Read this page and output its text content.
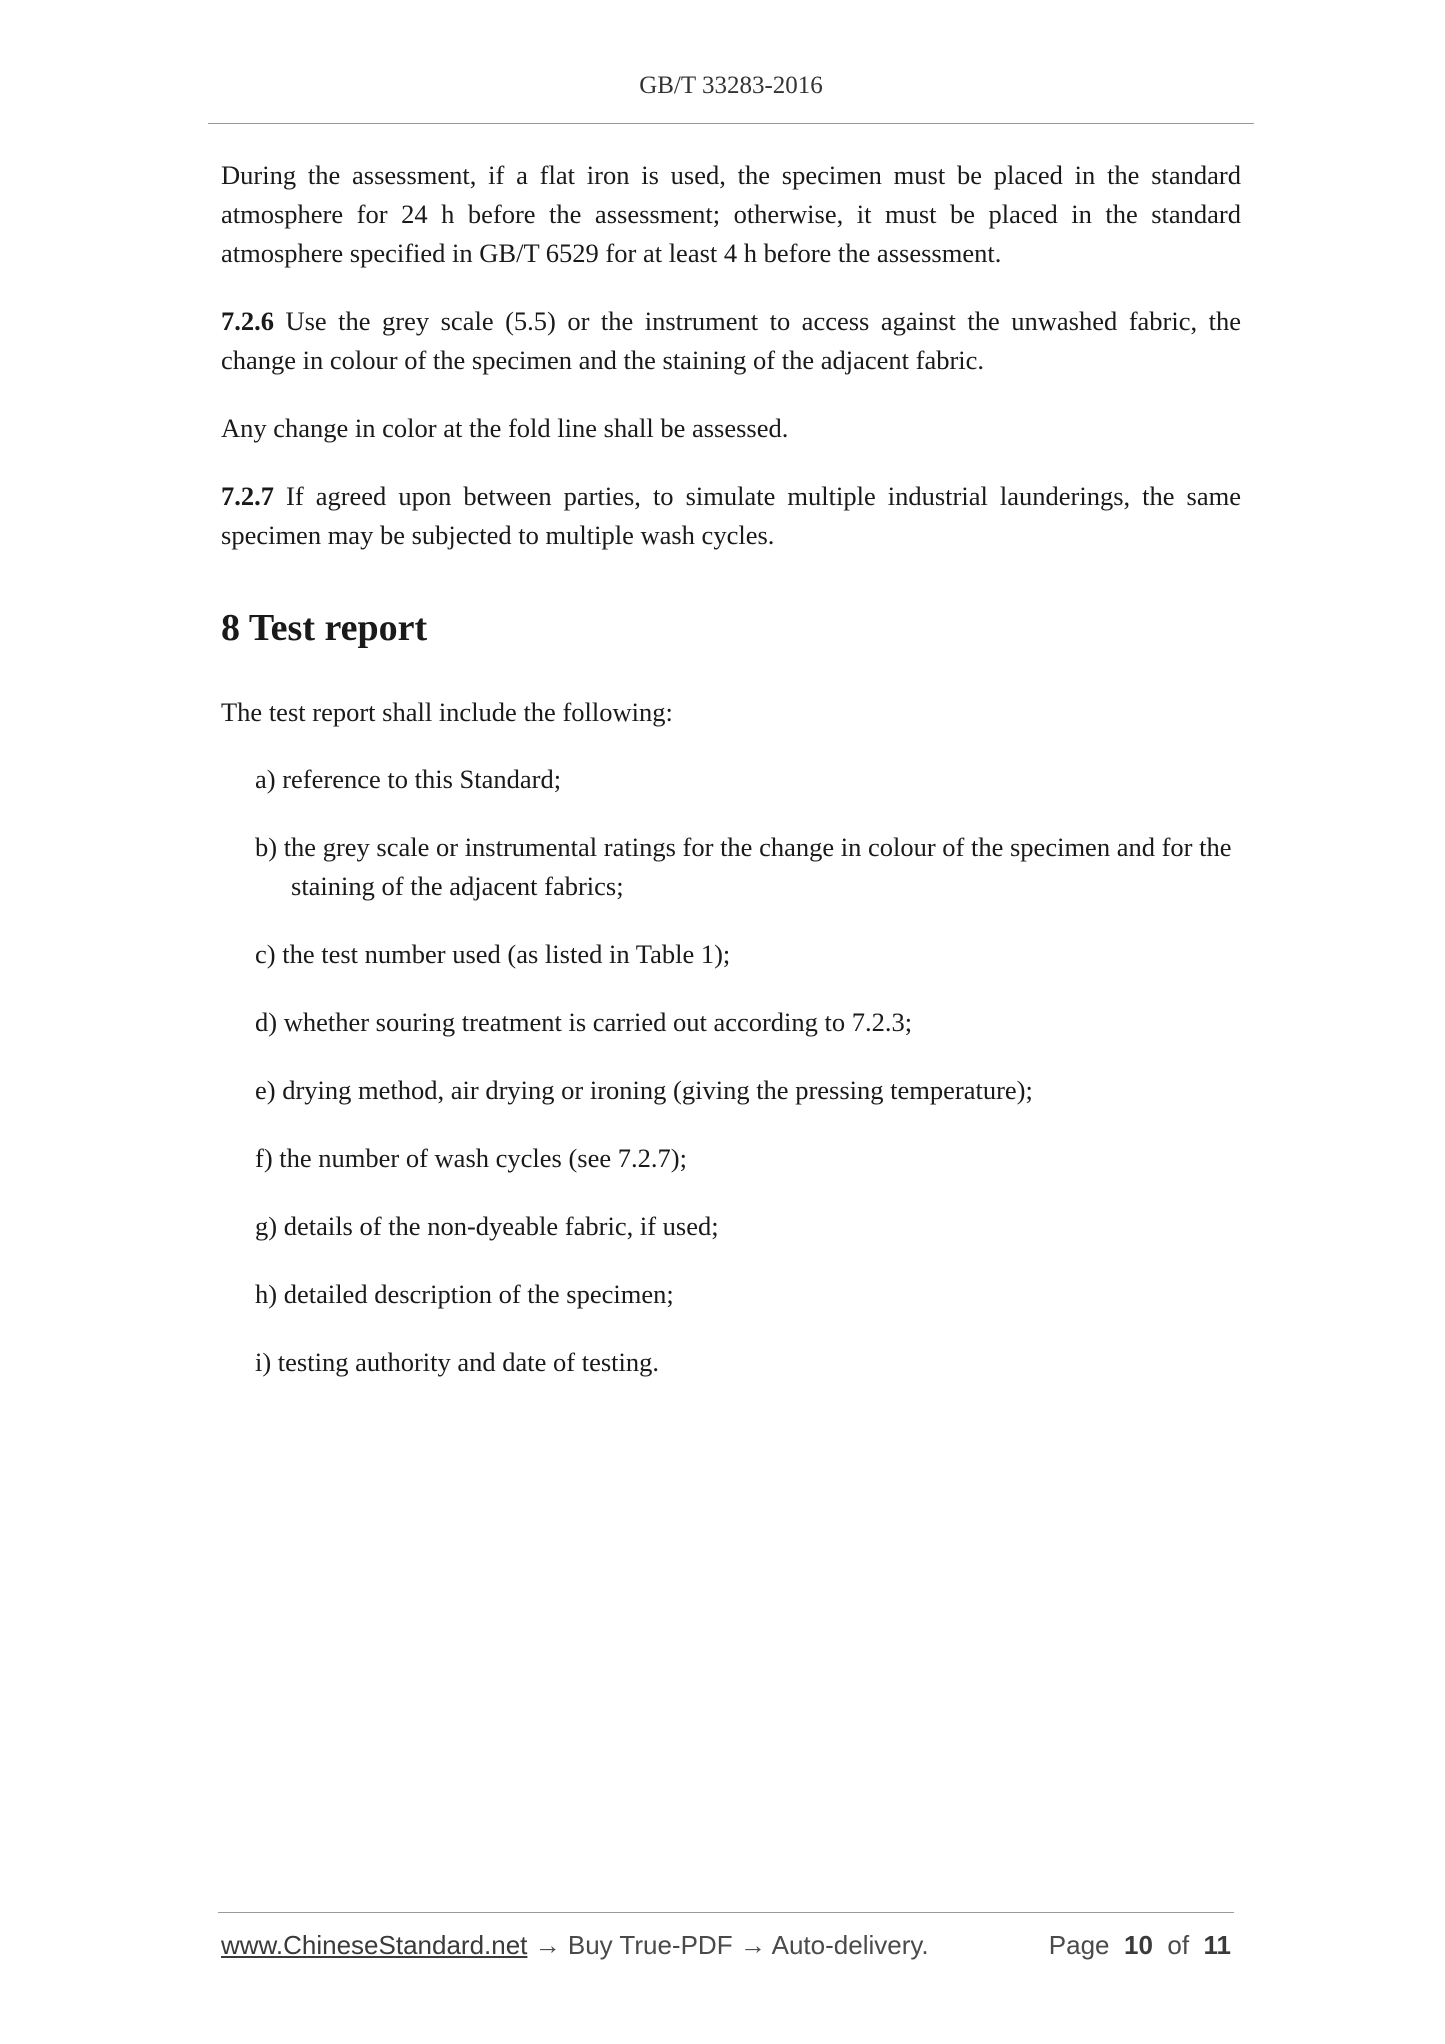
GB/T 33283-2016

During the assessment, if a flat iron is used, the specimen must be placed in the standard atmosphere for 24 h before the assessment; otherwise, it must be placed in the standard atmosphere specified in GB/T 6529 for at least 4 h before the assessment.

7.2.6 Use the grey scale (5.5) or the instrument to access against the unwashed fabric, the change in colour of the specimen and the staining of the adjacent fabric.

Any change in color at the fold line shall be assessed.

7.2.7 If agreed upon between parties, to simulate multiple industrial launderings, the same specimen may be subjected to multiple wash cycles.

8 Test report

The test report shall include the following:

a) reference to this Standard;
b) the grey scale or instrumental ratings for the change in colour of the specimen and for the staining of the adjacent fabrics;
c) the test number used (as listed in Table 1);
d) whether souring treatment is carried out according to 7.2.3;
e) drying method, air drying or ironing (giving the pressing temperature);
f) the number of wash cycles (see 7.2.7);
g) details of the non-dyeable fabric, if used;
h) detailed description of the specimen;
i) testing authority and date of testing.
www.ChineseStandard.net → Buy True-PDF → Auto-delivery.	Page 10 of 11
